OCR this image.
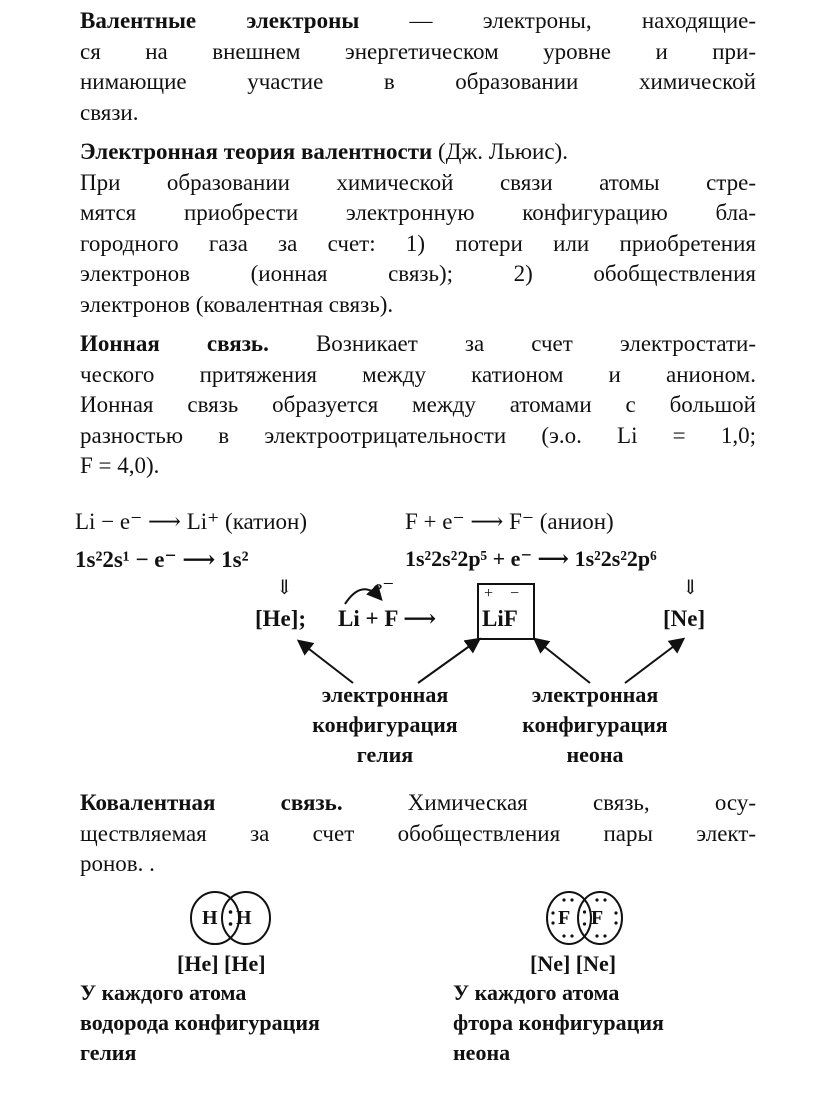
Валентные электроны — электроны, находящие-
ся на внешнем энергетическом уровне и при-
нимающие участие в образовании химической
связи.
Электронная теория валентности (Дж. Льюис).
При образовании химической связи атомы стре-
мятся приобрести электронную конфигурацию бла-
городного газа за счет: 1) потери или приобретения
электронов (ионная связь); 2) обобществления
электронов (ковалентная связь).
Ионная связь. Возникает за счет электростати-
ческого притяжения между катионом и анионом.
Ионная связь образуется между атомами с большой
разностью в электроотрицательности (э.о. Li = 1,0;
F = 4,0).
Li − e⁻ ⟶ Li⁺ (катион)	F + e⁻ ⟶ F⁻ (анион)
1s²2s¹ − e⁻ ⟶ 1s²	1s²2s²2p⁵ + e⁻ ⟶ 1s²2s²2p⁶
e⁻
⇓	⇓
[He]; Li + F ⟶
+ −
LiF	[Ne]
электронная
конфигурация
гелия
электронная
конфигурация
неона
Ковалентная связь. Химическая связь, осу-
ществляемая за счет обобществления пары элект-
ронов. .
H H	F F
[He] [He]	[Ne] [Ne]
У каждого атома
водорода конфигурация
гелия
У каждого атома
фтора конфигурация
неона
